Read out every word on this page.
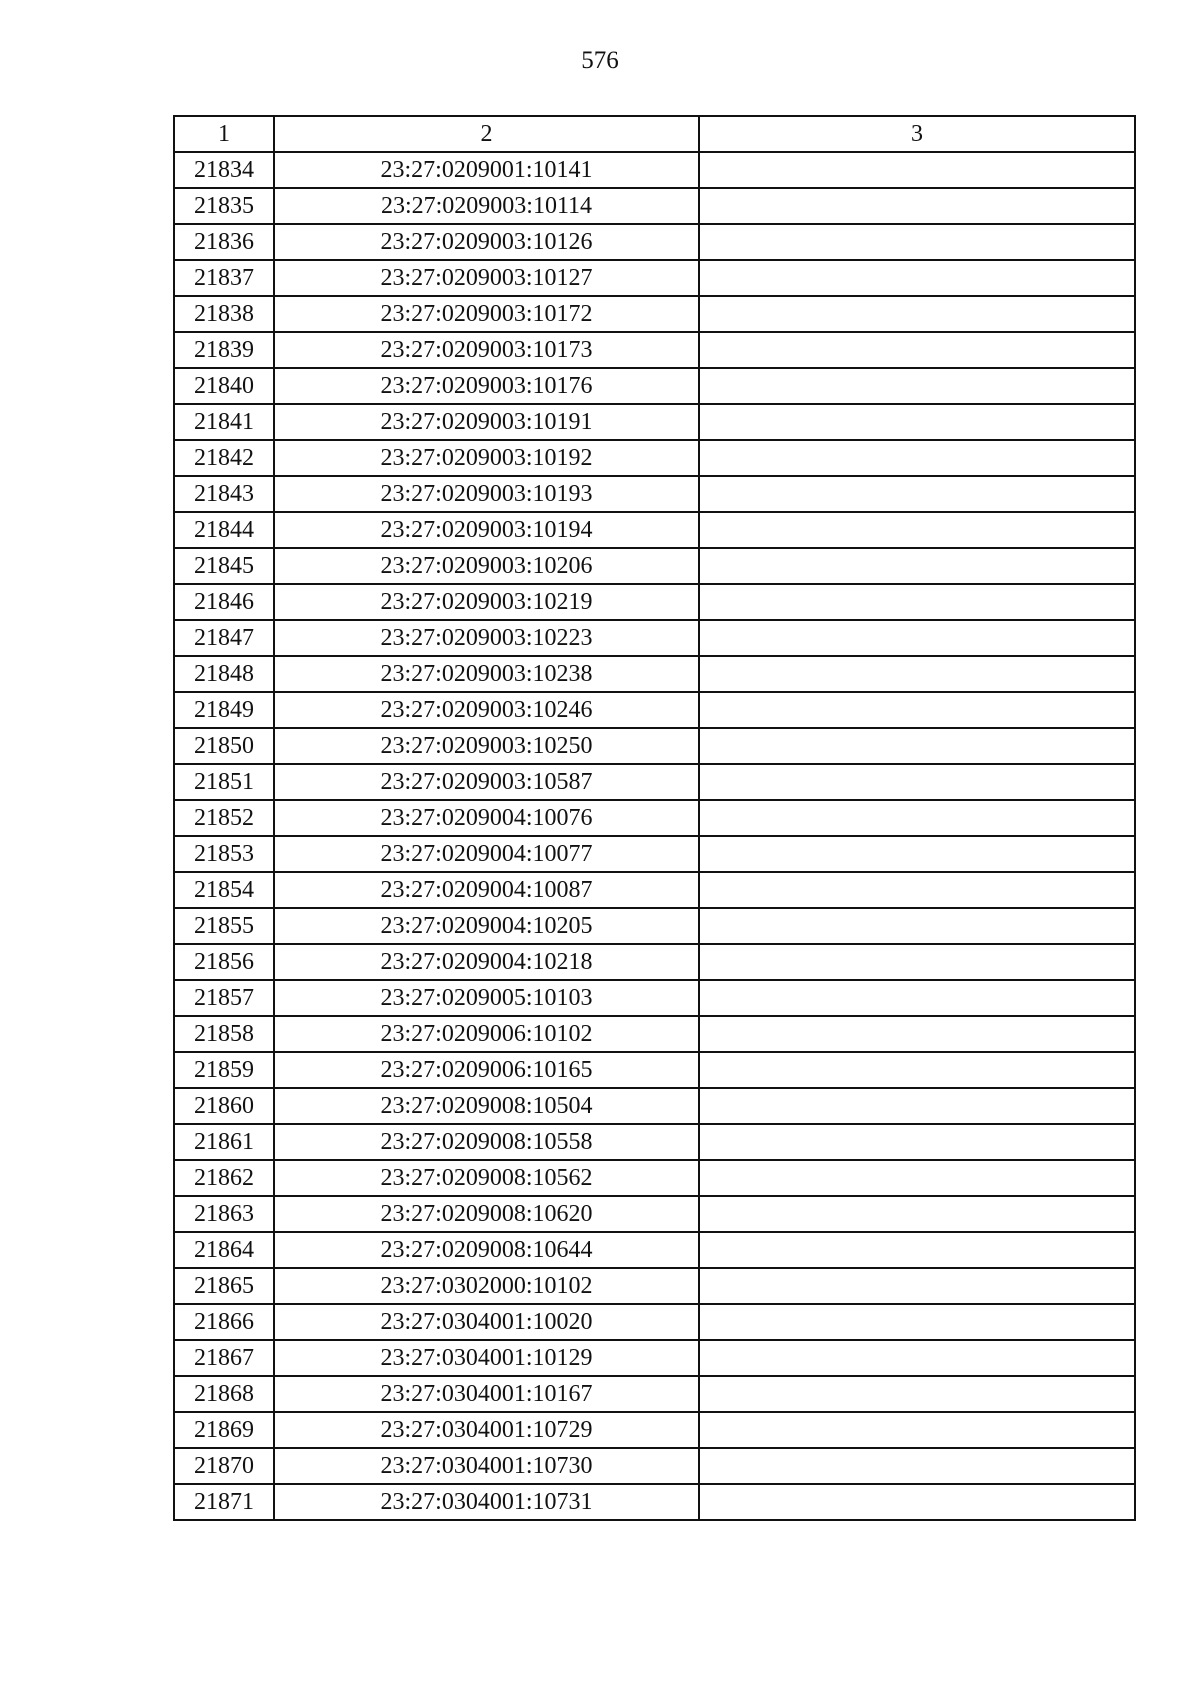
576
1	2	3
21834	23:27:0209001:10141	
21835	23:27:0209003:10114	
21836	23:27:0209003:10126	
21837	23:27:0209003:10127	
21838	23:27:0209003:10172	
21839	23:27:0209003:10173	
21840	23:27:0209003:10176	
21841	23:27:0209003:10191	
21842	23:27:0209003:10192	
21843	23:27:0209003:10193	
21844	23:27:0209003:10194	
21845	23:27:0209003:10206	
21846	23:27:0209003:10219	
21847	23:27:0209003:10223	
21848	23:27:0209003:10238	
21849	23:27:0209003:10246	
21850	23:27:0209003:10250	
21851	23:27:0209003:10587	
21852	23:27:0209004:10076	
21853	23:27:0209004:10077	
21854	23:27:0209004:10087	
21855	23:27:0209004:10205	
21856	23:27:0209004:10218	
21857	23:27:0209005:10103	
21858	23:27:0209006:10102	
21859	23:27:0209006:10165	
21860	23:27:0209008:10504	
21861	23:27:0209008:10558	
21862	23:27:0209008:10562	
21863	23:27:0209008:10620	
21864	23:27:0209008:10644	
21865	23:27:0302000:10102	
21866	23:27:0304001:10020	
21867	23:27:0304001:10129	
21868	23:27:0304001:10167	
21869	23:27:0304001:10729	
21870	23:27:0304001:10730	
21871	23:27:0304001:10731	
